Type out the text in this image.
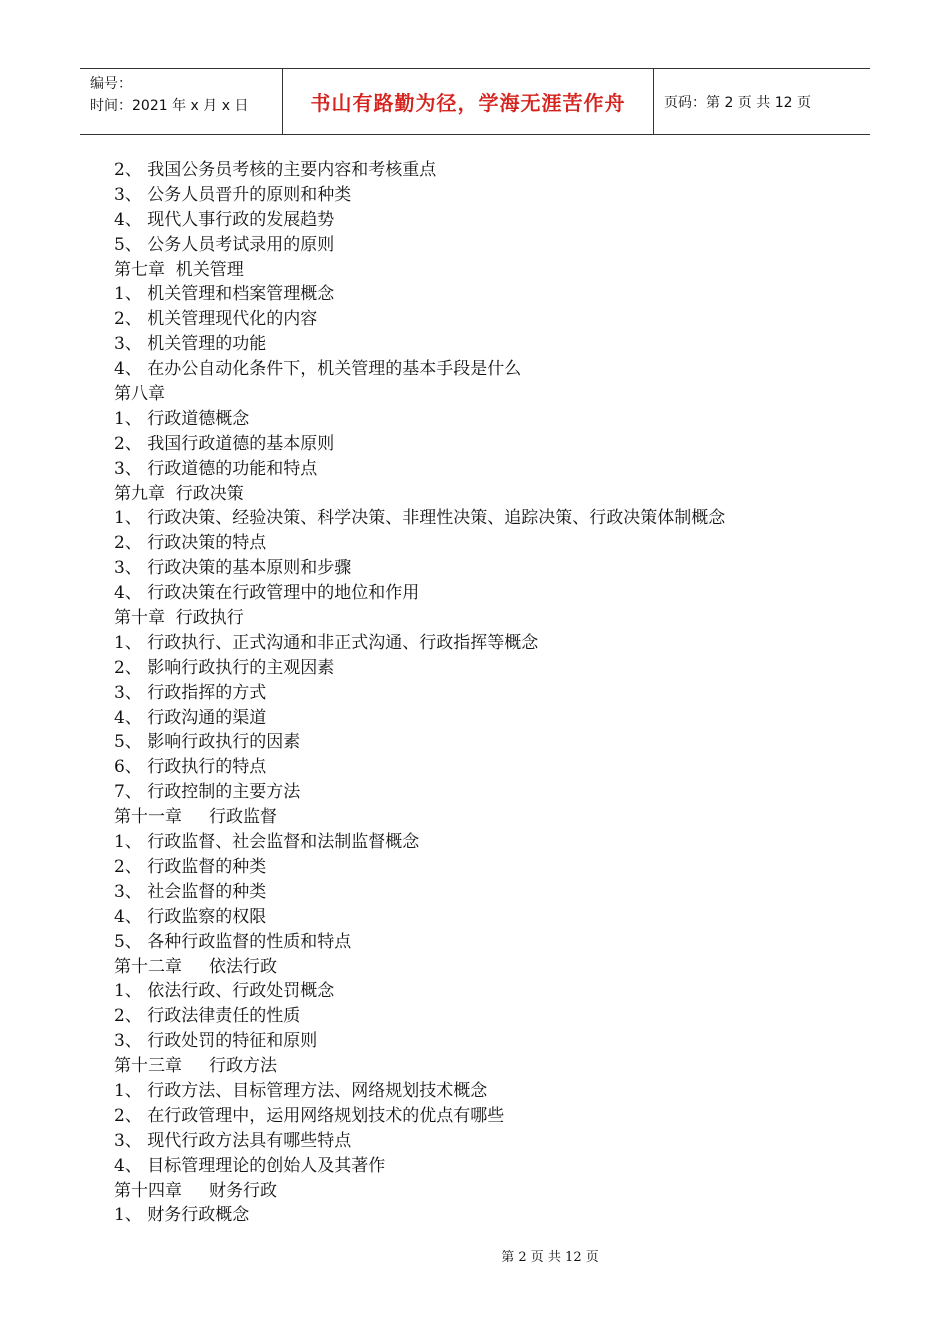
编号：
时间：2021 年 x 月 x 日	书山有路勤为径，学海无涯苦作舟	页码：第 2 页 共 12 页
2、 我国公务员考核的主要内容和考核重点
3、 公务人员晋升的原则和种类
4、 现代人事行政的发展趋势
5、 公务人员考试录用的原则
第七章  机关管理
1、 机关管理和档案管理概念
2、 机关管理现代化的内容
3、 机关管理的功能
4、 在办公自动化条件下，机关管理的基本手段是什么
第八章
1、 行政道德概念
2、 我国行政道德的基本原则
3、 行政道德的功能和特点
第九章  行政决策
1、 行政决策、经验决策、科学决策、非理性决策、追踪决策、行政决策体制概念
2、 行政决策的特点
3、 行政决策的基本原则和步骤
4、 行政决策在行政管理中的地位和作用
第十章  行政执行
1、 行政执行、正式沟通和非正式沟通、行政指挥等概念
2、 影响行政执行的主观因素
3、 行政指挥的方式
4、 行政沟通的渠道
5、 影响行政执行的因素
6、 行政执行的特点
7、 行政控制的主要方法
第十一章     行政监督
1、 行政监督、社会监督和法制监督概念
2、 行政监督的种类
3、 社会监督的种类
4、 行政监察的权限
5、 各种行政监督的性质和特点
第十二章     依法行政
1、 依法行政、行政处罚概念
2、 行政法律责任的性质
3、 行政处罚的特征和原则
第十三章     行政方法
1、 行政方法、目标管理方法、网络规划技术概念
2、 在行政管理中，运用网络规划技术的优点有哪些
3、 现代行政方法具有哪些特点
4、 目标管理理论的创始人及其著作
第十四章     财务行政
1、 财务行政概念
第 2 页 共 12 页
